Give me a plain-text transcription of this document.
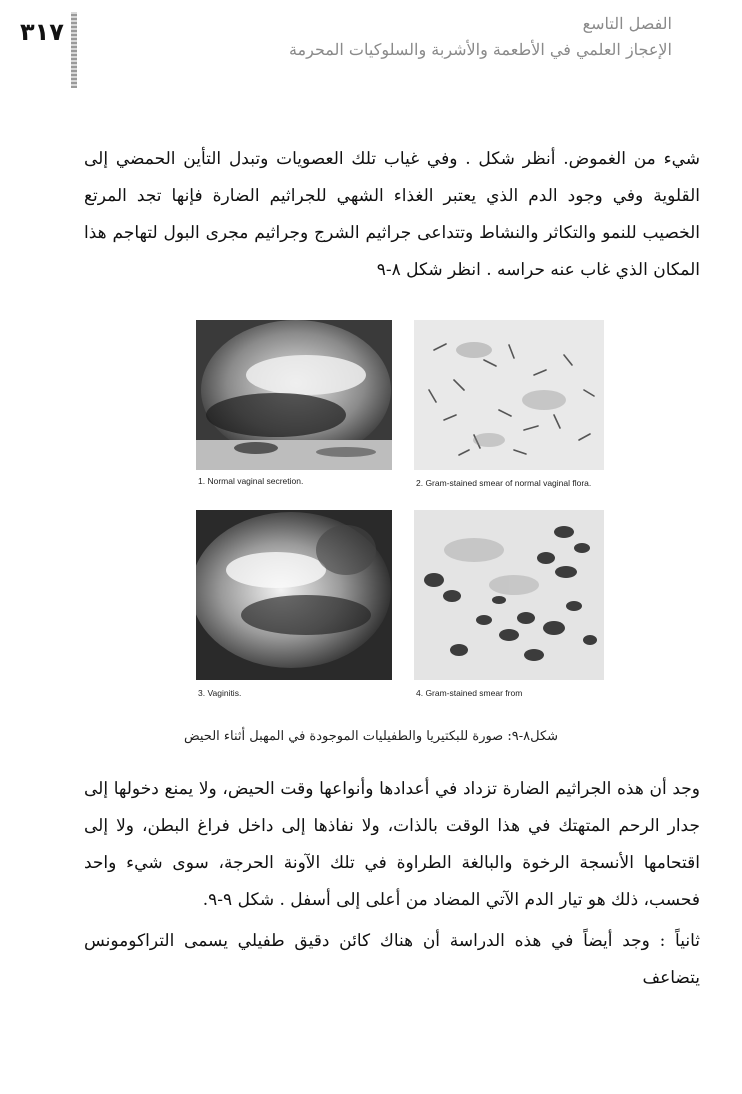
٣١٧	الفصل التاسع
الإعجاز العلمي في الأطعمة والأشربة والسلوكيات المحرمة
شيء من الغموض. أنظر شكل . وفي غياب تلك العصويات وتبدل التأين الحمضي إلى القلوية وفي وجود الدم الذي يعتبر الغذاء الشهي للجراثيم الضارة فإنها تجد المرتع الخصيب للنمو والتكاثر والنشاط وتتداعى جراثيم الشرج وجراثيم مجرى البول لتهاجم هذا المكان الذي غاب عنه حراسه . انظر شكل ٨-٩
1. Normal vaginal secretion.	2. Gram-stained smear of normal vaginal flora.
3. Vaginitis.	4. Gram-stained smear from
شكل٨-٩: صورة للبكتيريا والطفيليات الموجودة في المهبل أثناء الحيض
وجد أن هذه الجراثيم الضارة تزداد في أعدادها وأنواعها وقت الحيض، ولا يمنع دخولها إلى جدار الرحم المتهتك في هذا الوقت بالذات، ولا نفاذها إلى داخل فراغ البطن، ولا إلى اقتحامها الأنسجة الرخوة والبالغة الطراوة في تلك الآونة الحرجة، سوى شيء واحد فحسب، ذلك هو تيار الدم الآتي المضاد من أعلى إلى أسفل . شكل ٩-٩.
ثانياً : وجد أيضاً في هذه الدراسة أن هناك كائن دقيق طفيلي يسمى التراكومونس يتضاعف
